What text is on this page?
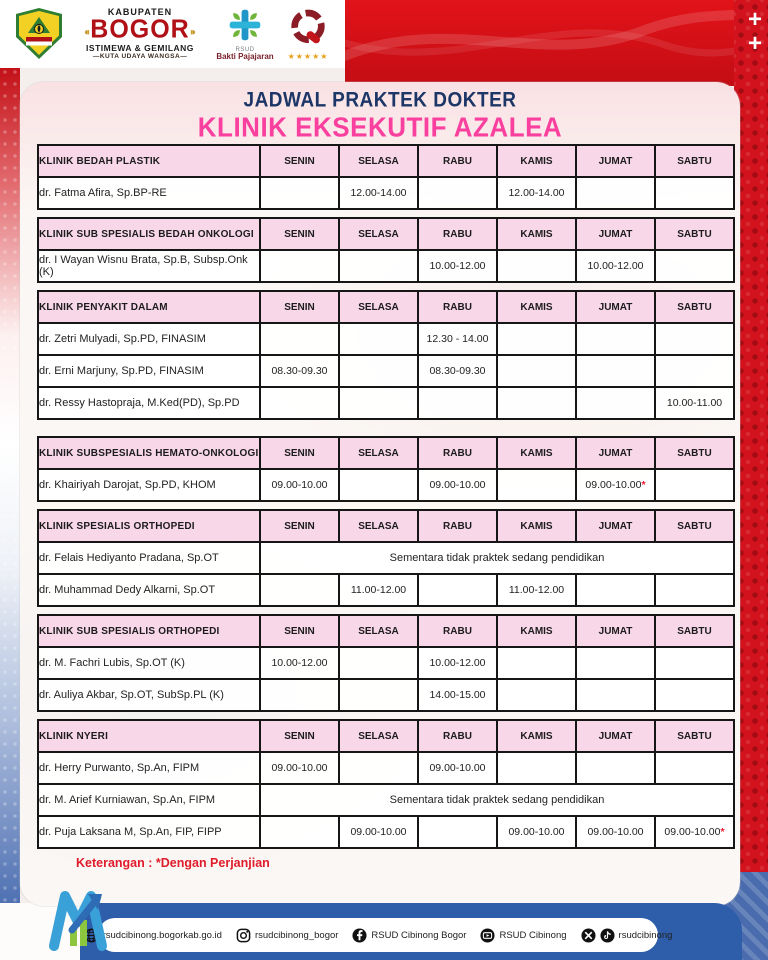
+
+
KABUPATEN
⁌BOGOR⁍
ISTIMEWA & GEMILANG
—KUTA UDAYA WANGSA—
RSUD
Bakti Pajajaran	★★★★★
JADWAL PRAKTEK DOKTER
KLINIK EKSEKUTIF AZALEA
KLINIK BEDAH PLASTIK	SENIN	SELASA	RABU	KAMIS	JUMAT	SABTU
dr. Fatma Afira, Sp.BP-RE		12.00-14.00		12.00-14.00		
KLINIK SUB SPESIALIS BEDAH ONKOLOGI	SENIN	SELASA	RABU	KAMIS	JUMAT	SABTU
dr. I Wayan Wisnu Brata, Sp.B, Subsp.Onk (K)			10.00-12.00		10.00-12.00	
KLINIK PENYAKIT DALAM	SENIN	SELASA	RABU	KAMIS	JUMAT	SABTU
dr. Zetri Mulyadi, Sp.PD, FINASIM			12.30 - 14.00			
dr. Erni Marjuny, Sp.PD, FINASIM	08.30-09.30		08.30-09.30			
dr. Ressy Hastopraja, M.Ked(PD), Sp.PD						10.00-11.00
KLINIK SUBSPESIALIS HEMATO-ONKOLOGI	SENIN	SELASA	RABU	KAMIS	JUMAT	SABTU
dr. Khairiyah Darojat, Sp.PD, KHOM	09.00-10.00		09.00-10.00		09.00-10.00*	
KLINIK SPESIALIS ORTHOPEDI	SENIN	SELASA	RABU	KAMIS	JUMAT	SABTU
dr. Felais Hediyanto Pradana, Sp.OT	Sementara tidak praktek sedang pendidikan					
dr. Muhammad Dedy Alkarni, Sp.OT		11.00-12.00		11.00-12.00		
KLINIK SUB SPESIALIS ORTHOPEDI	SENIN	SELASA	RABU	KAMIS	JUMAT	SABTU
dr. M. Fachri Lubis, Sp.OT (K)	10.00-12.00		10.00-12.00			
dr. Auliya Akbar, Sp.OT, SubSp.PL (K)			14.00-15.00			
KLINIK NYERI	SENIN	SELASA	RABU	KAMIS	JUMAT	SABTU
dr. Herry Purwanto, Sp.An, FIPM	09.00-10.00		09.00-10.00			
dr. M. Arief Kurniawan, Sp.An, FIPM	Sementara tidak praktek sedang pendidikan					
dr. Puja Laksana M, Sp.An, FIP, FIPP		09.00-10.00		09.00-10.00	09.00-10.00	09.00-10.00*
Keterangan : *Dengan Perjanjian
rsudcibinong.bogorkab.go.id	rsudcibinong_bogor	RSUD Cibinong Bogor	RSUD Cibinong	rsudcibinong
